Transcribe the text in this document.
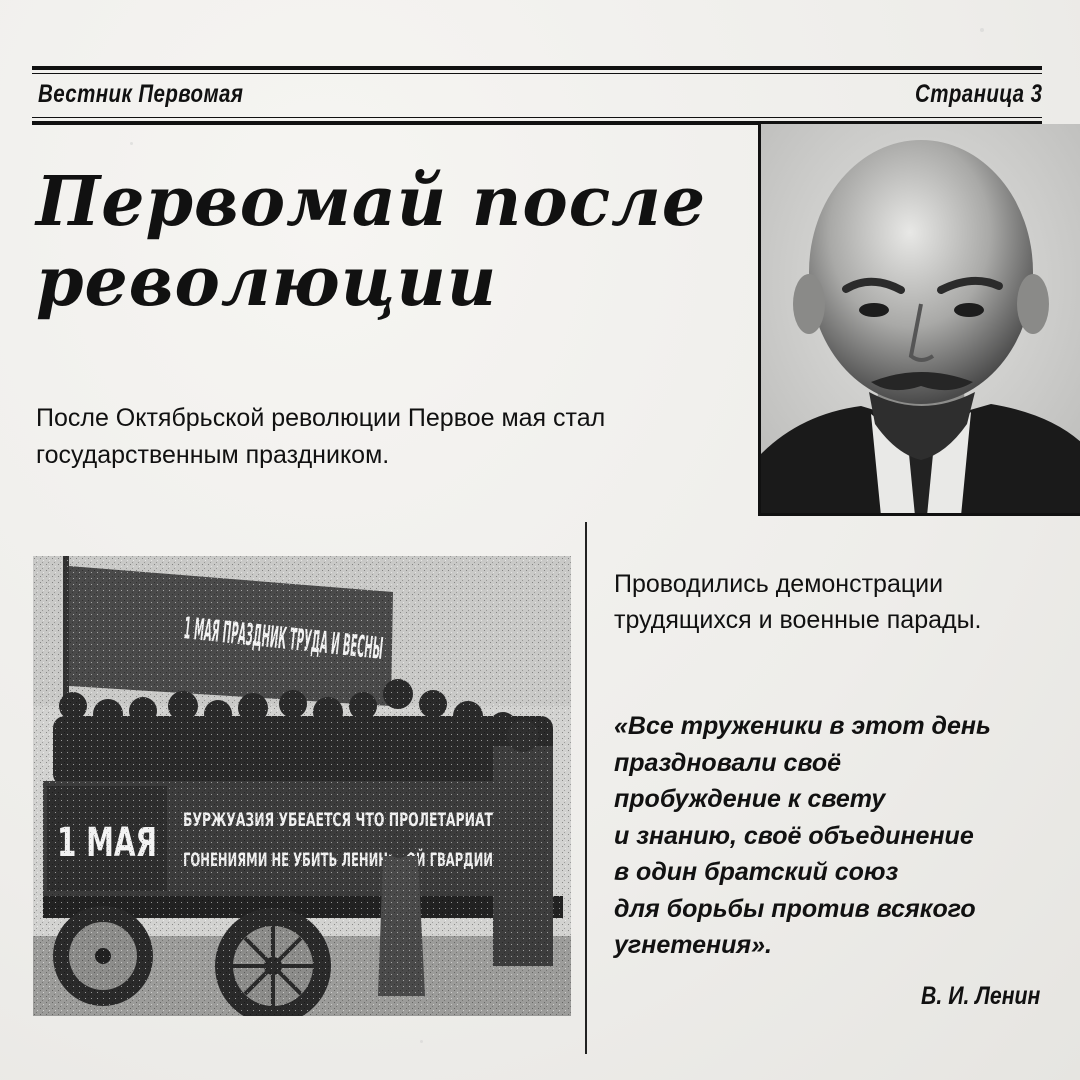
Вестник Первомая	Страница 3
Первомай после революции

После Октябрьской революции Первое мая стал государственным праздником.

Проводились демонстрации трудящихся и военные парады.

«Все труженики в этот день
праздновали своё
пробуждение к свету
и знанию, своё объединение
в один братский союз
для борьбы против всякого
угнетения».

В. И. Ленин
